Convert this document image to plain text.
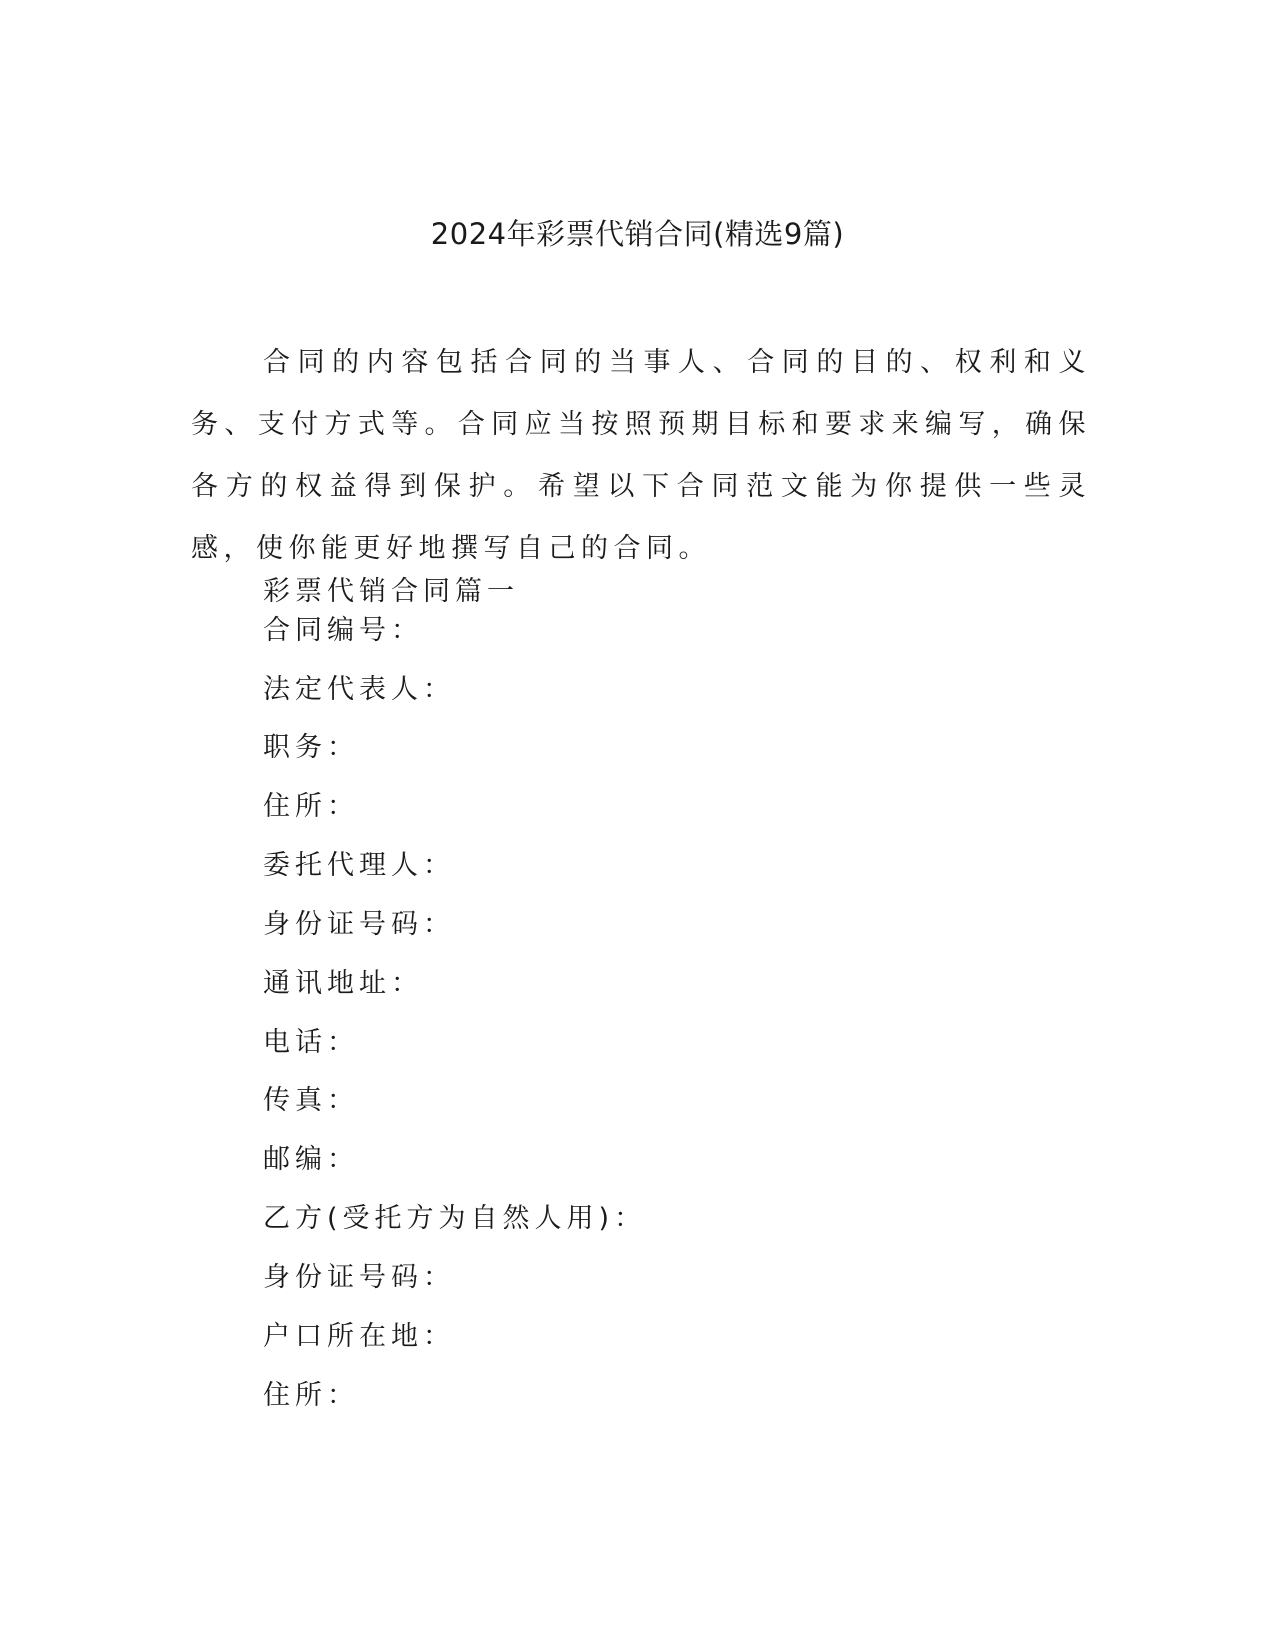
2024年彩票代销合同(精选9篇)

合同的内容包括合同的当事人、合同的目的、权利和义务、支付方式等。合同应当按照预期目标和要求来编写，确保各方的权益得到保护。希望以下合同范文能为你提供一些灵感，使你能更好地撰写自己的合同。

彩票代销合同篇一

合同编号：

法定代表人：

职务：

住所：

委托代理人：

身份证号码：

通讯地址：

电话：

传真：

邮编：

乙方(受托方为自然人用)：

身份证号码：

户口所在地：

住所：
